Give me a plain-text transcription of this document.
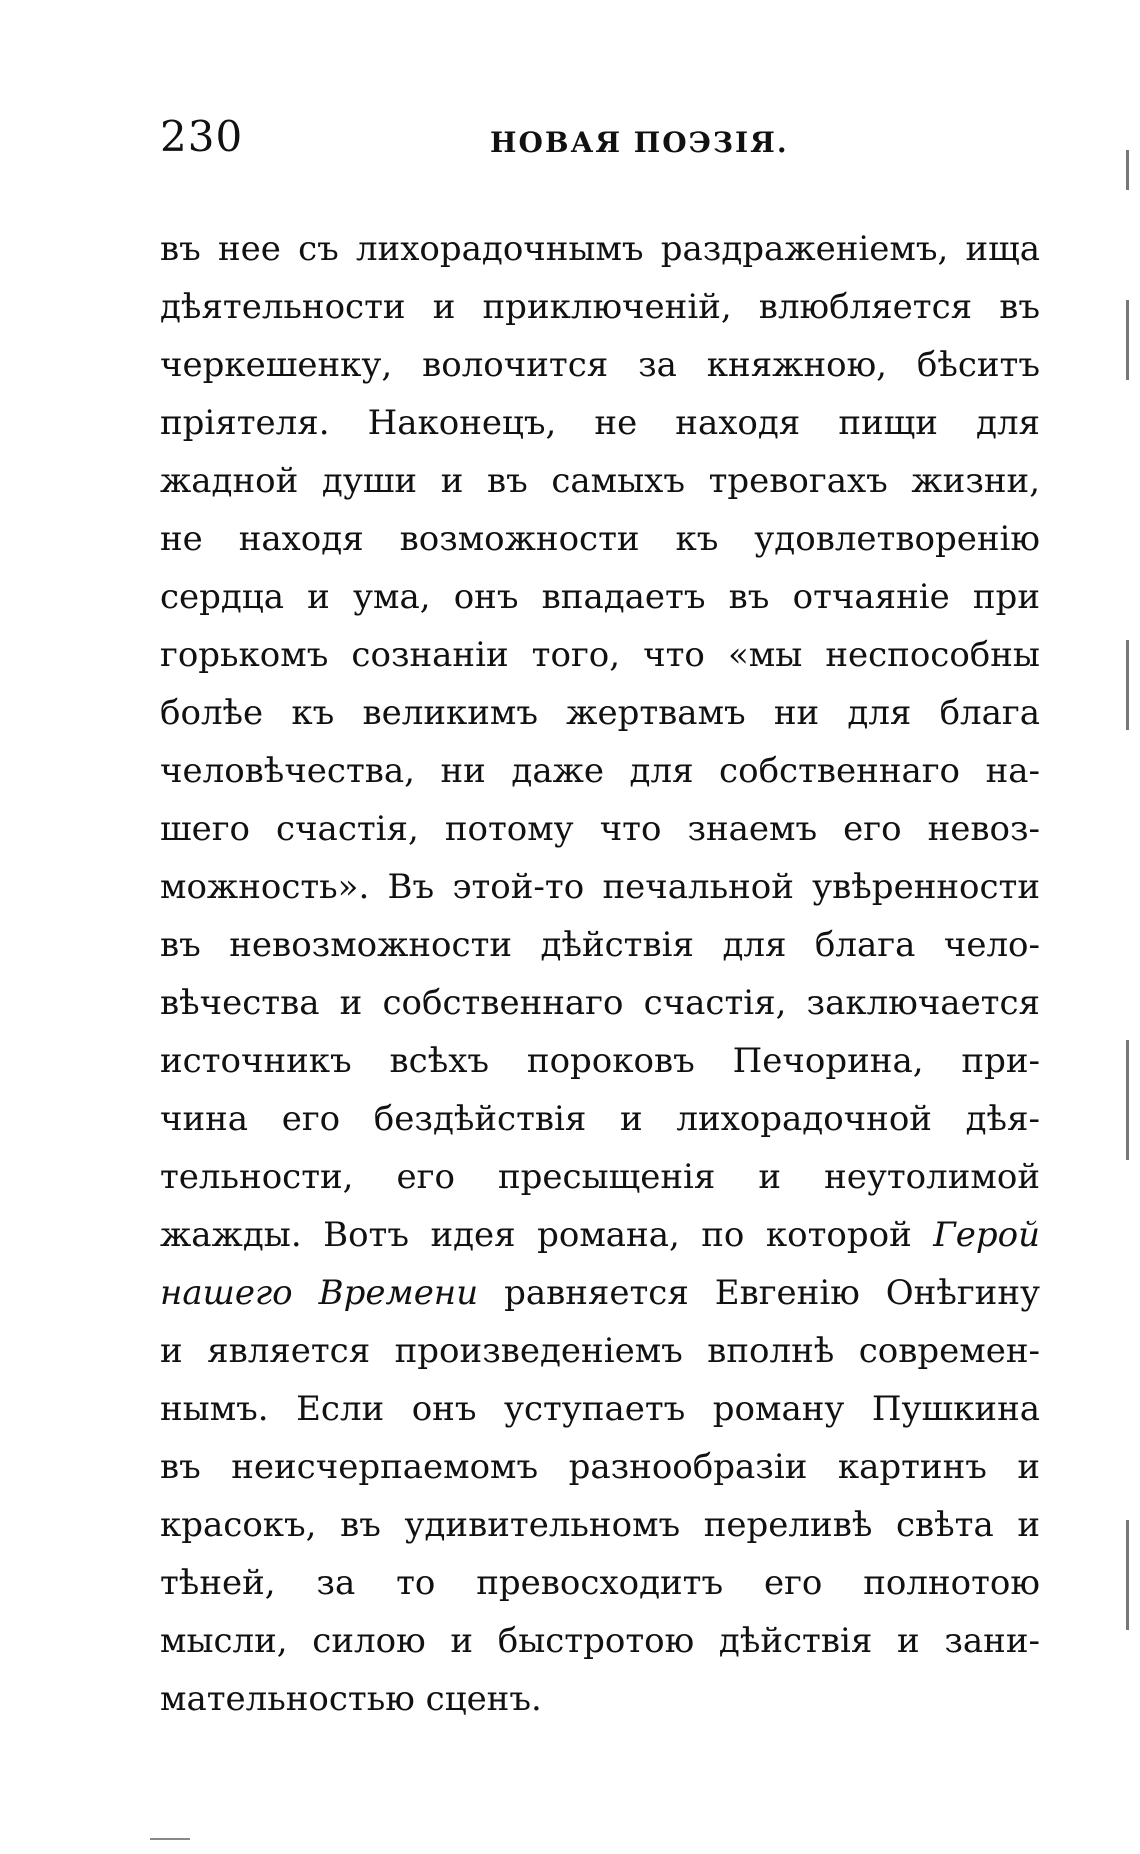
230	НОВАЯ ПОЭЗІЯ.
въ нее съ лихорадочнымъ раздраженіемъ, ища
дѣятельности и приключеній, влюбляется въ
черкешенку, волочится за княжною, бѣситъ
пріятеля. Наконецъ, не находя пищи для
жадной души и въ самыхъ тревогахъ жизни,
не находя возможности къ удовлетворенію
сердца и ума, онъ впадаетъ въ отчаяніе при
горькомъ сознаніи того, что «мы неспособны
болѣе къ великимъ жертвамъ ни для блага
человѣчества, ни даже для собственнаго на-
шего счастія, потому что знаемъ его невоз-
можность». Въ этой-то печальной увѣренности
въ невозможности дѣйствія для блага чело-
вѣчества и собственнаго счастія, заключается
источникъ всѣхъ пороковъ Печорина, при-
чина его бездѣйствія и лихорадочной дѣя-
тельности, его пресыщенія и неутолимой
жажды. Вотъ идея романа, по которой Герой
нашего Времени равняется Евгенію Онѣгину
и является произведеніемъ вполнѣ современ-
нымъ. Если онъ уступаетъ роману Пушкина
въ неисчерпаемомъ разнообразіи картинъ и
красокъ, въ удивительномъ переливѣ свѣта и
тѣней, за то превосходитъ его полнотою
мысли, силою и быстротою дѣйствія и зани-
мательностью сценъ.
